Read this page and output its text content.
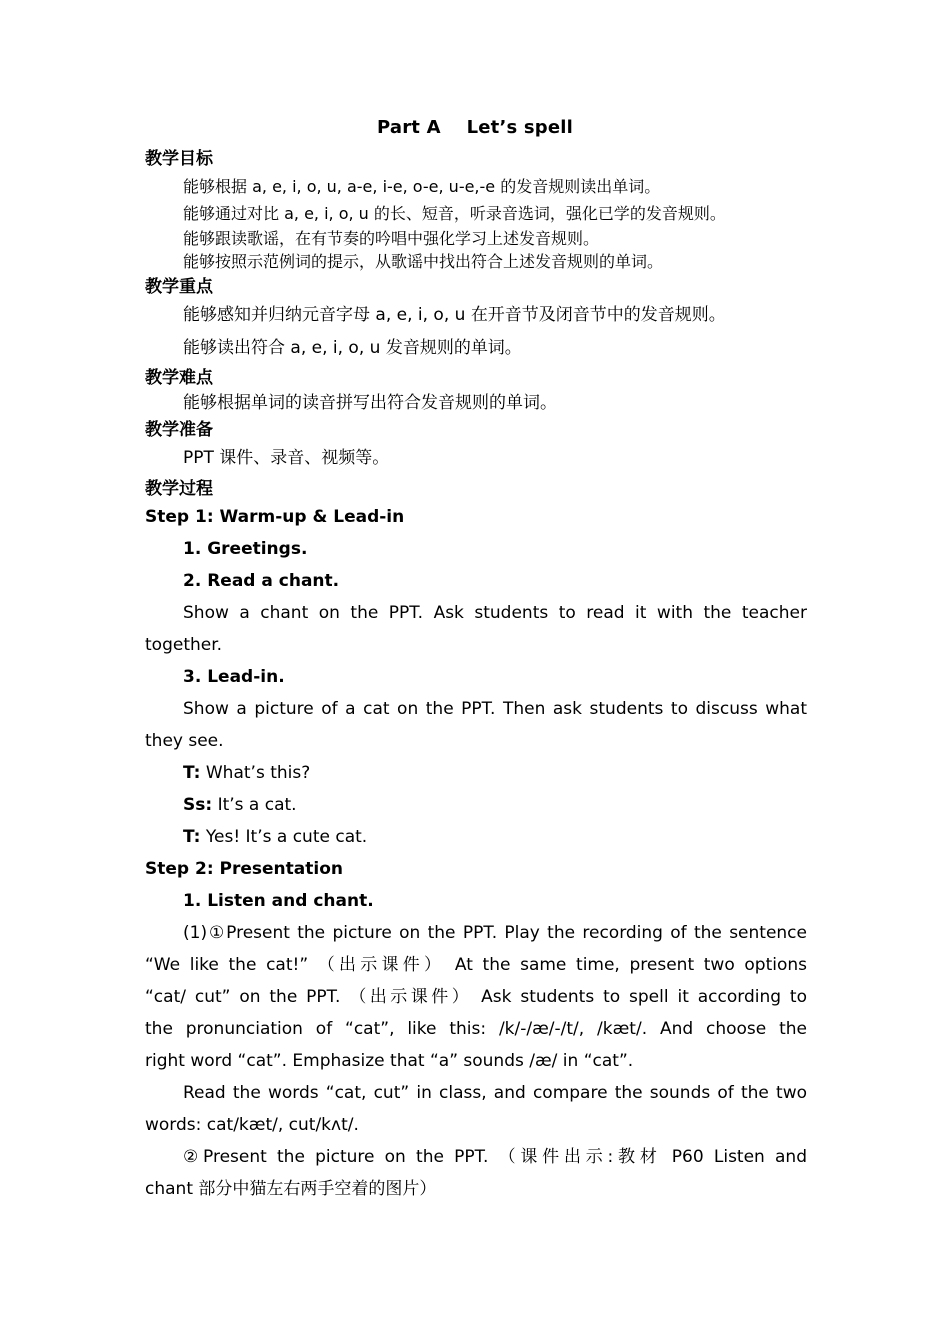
Part A    Let’s spell
教学目标
能够根据 a, e, i, o, u, a-e, i-e, o-e, u-e,-e 的发音规则读出单词。
能够通过对比 a, e, i, o, u 的长、短音，听录音选词，强化已学的发音规则。
能够跟读歌谣，在有节奏的吟唱中强化学习上述发音规则。
能够按照示范例词的提示，从歌谣中找出符合上述发音规则的单词。
教学重点
能够感知并归纳元音字母 a, e, i, o, u 在开音节及闭音节中的发音规则。
能够读出符合 a, e, i, o, u 发音规则的单词。
教学难点
能够根据单词的读音拼写出符合发音规则的单词。
教学准备
PPT 课件、录音、视频等。
教学过程
Step 1: Warm-up & Lead-in
1. Greetings.
2. Read a chant.
Show a chant on the PPT. Ask students to read it with the teacher
together.
3. Lead-in.
Show a picture of a cat on the PPT. Then ask students to discuss what
they see.
T: What’s this?
Ss: It’s a cat.
T: Yes! It’s a cute cat.
Step 2: Presentation
1. Listen and chant.
(1)①Present the picture on the PPT. Play the recording of the sentence
“We like the cat!” （出示课件） At the same time, present two options
“cat/ cut” on the PPT. （出示课件） Ask students to spell it according to
the pronunciation of “cat”, like this: /k/-/æ/-/t/, /kæt/. And choose the
right word “cat”. Emphasize that “a” sounds /æ/ in “cat”.
Read the words “cat, cut” in class, and compare the sounds of the two
words: cat/kæt/, cut/kʌt/.
②Present the picture on the PPT. （课件出示:教材 P60 Listen and
chant 部分中猫左右两手空着的图片）
